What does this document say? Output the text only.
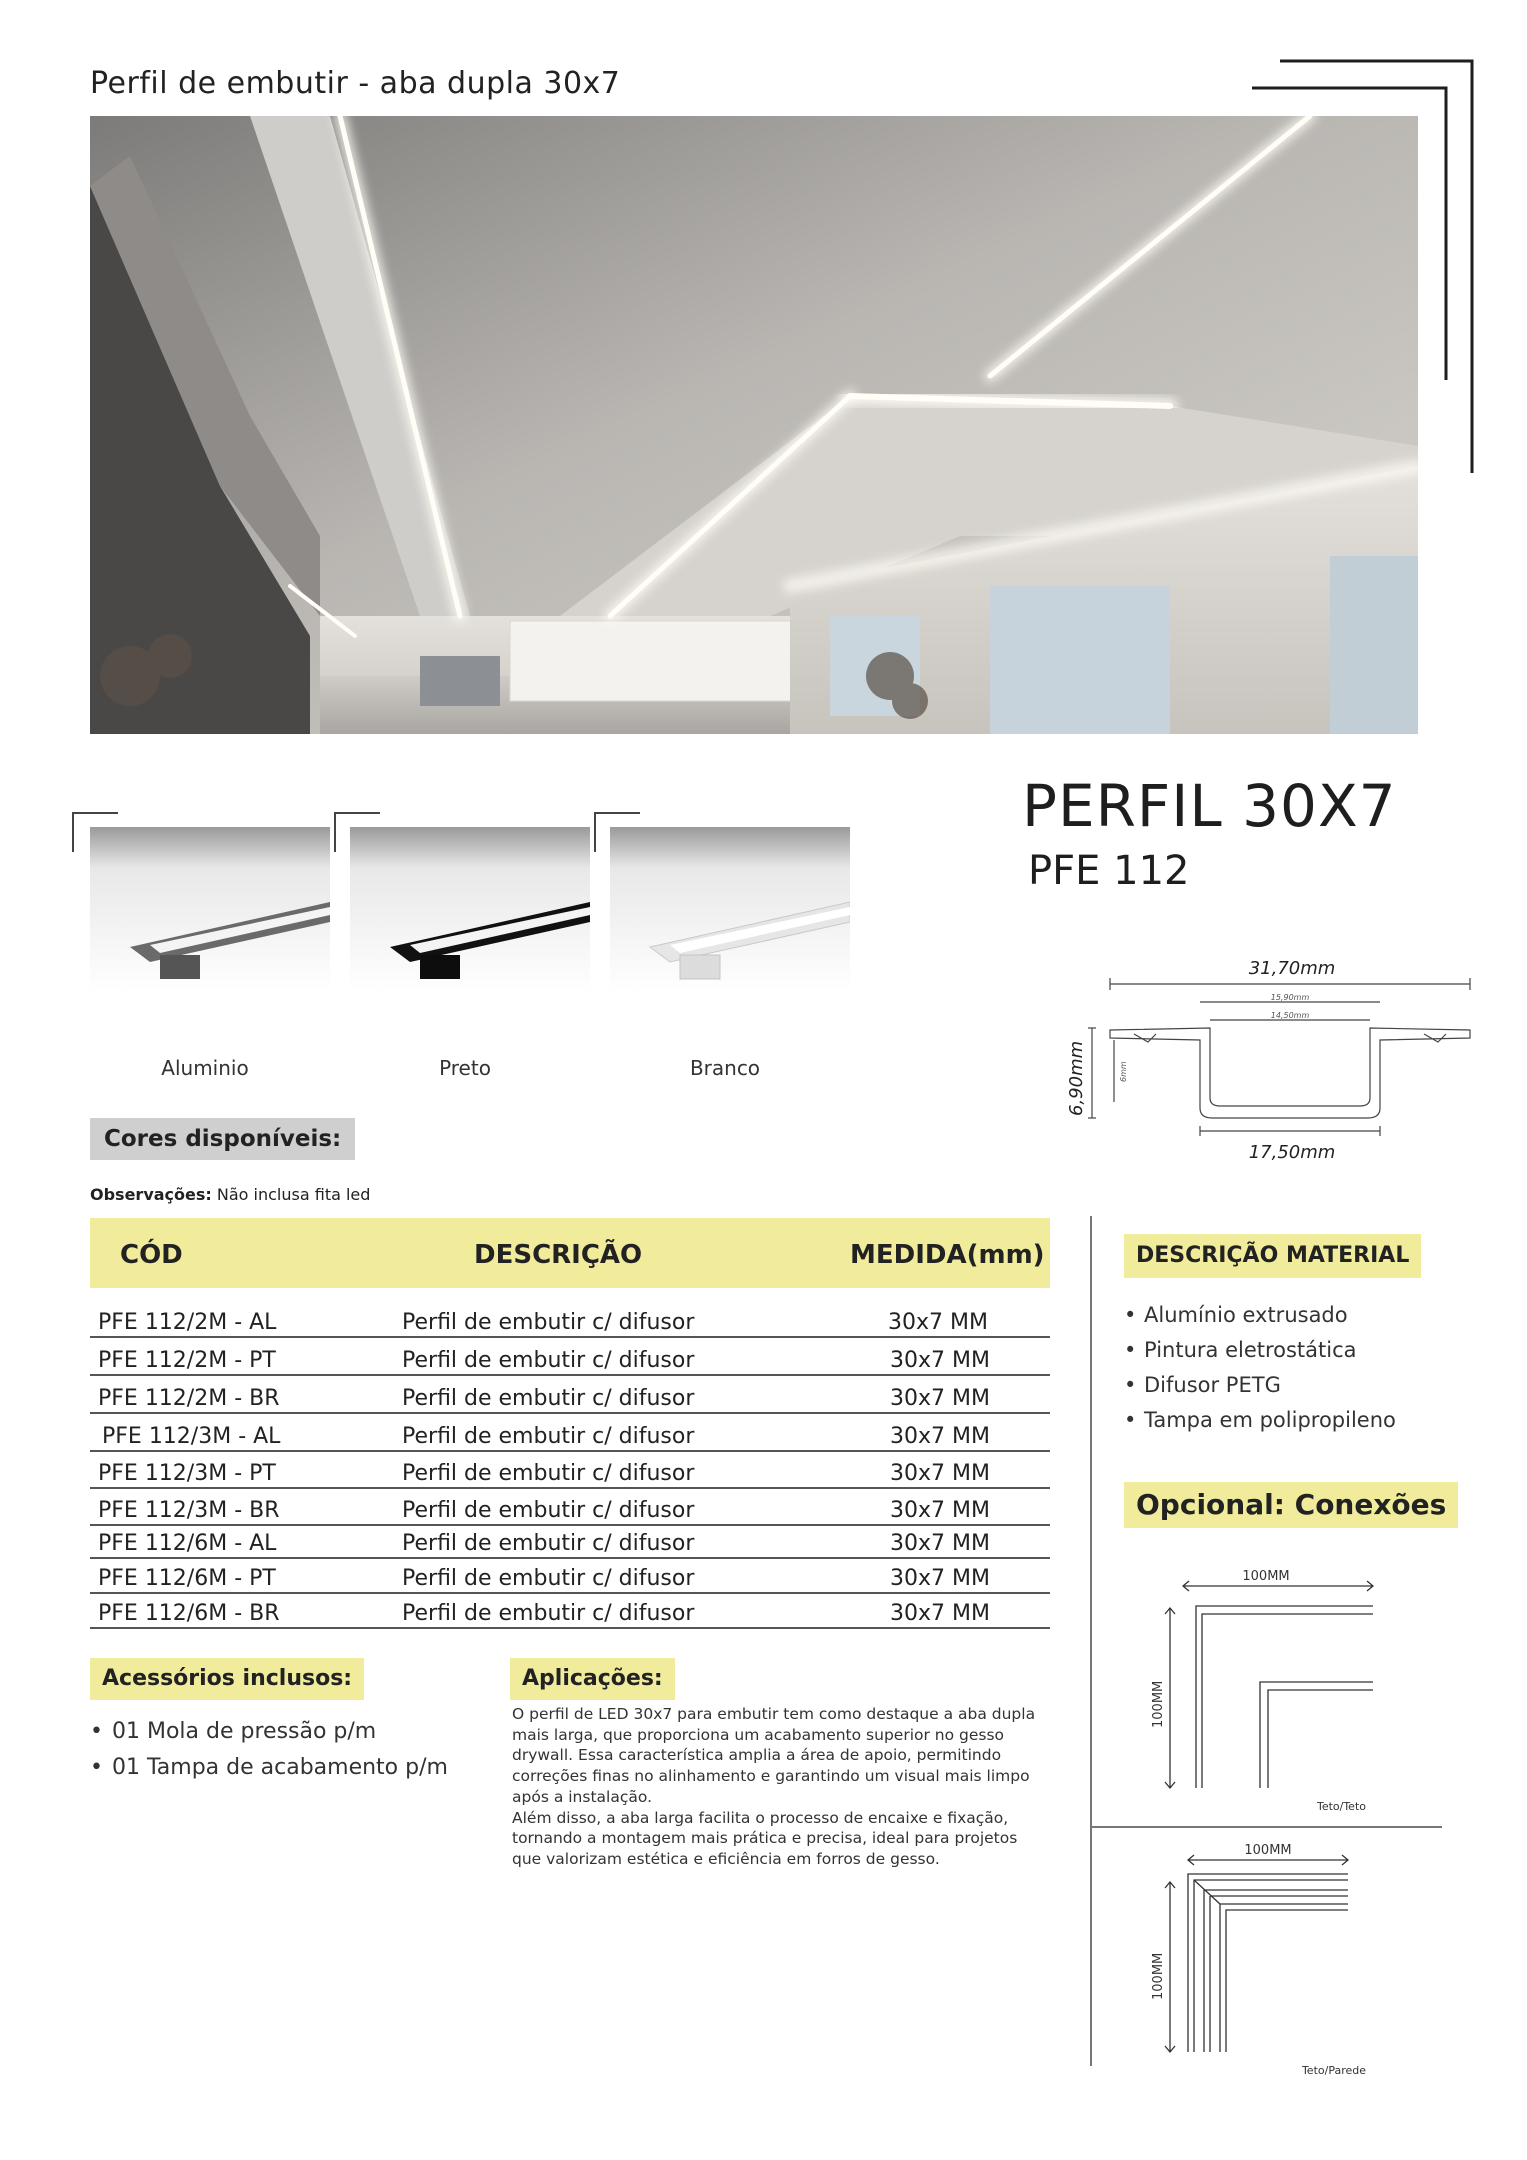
Perfil de embutir - aba dupla 30x7
Aluminio	Preto	Branco
Cores disponíveis:
PERFIL 30X7
PFE 112
31,70mm
15,90mm
14,50mm
6,90mm	6mm
17,50mm
Observações: Não inclusa fita led
CÓD	DESCRIÇÃO	MEDIDA(mm)
PFE 112/2M - AL	Perfil de embutir c/ difusor	30x7 MM
PFE 112/2M - PT	Perfil de embutir c/ difusor	30x7 MM
PFE 112/2M - BR	Perfil de embutir c/ difusor	30x7 MM
PFE 112/3M - AL	Perfil de embutir c/ difusor	30x7 MM
PFE 112/3M - PT	Perfil de embutir c/ difusor	30x7 MM
PFE 112/3M - BR	Perfil de embutir c/ difusor	30x7 MM
PFE 112/6M - AL	Perfil de embutir c/ difusor	30x7 MM
PFE 112/6M - PT	Perfil de embutir c/ difusor	30x7 MM
PFE 112/6M - BR	Perfil de embutir c/ difusor	30x7 MM
DESCRIÇÃO MATERIAL
• Alumínio extrusado
• Pintura eletrostática
• Difusor PETG
• Tampa em polipropileno
Opcional: Conexões
100MM
100MM
Teto/Teto
100MM
100MM
Teto/Parede
Acessórios inclusos:
• 01 Mola de pressão p/m
• 01 Tampa de acabamento p/m
Aplicações:

O perfil de LED 30x7 para embutir tem como destaque a aba dupla mais larga, que proporciona um acabamento superior no gesso drywall. Essa característica amplia a área de apoio, permitindo correções finas no alinhamento e garantindo um visual mais limpo após a instalação.

Além disso, a aba larga facilita o processo de encaixe e fixação, tornando a montagem mais prática e precisa, ideal para projetos que valorizam estética e eficiência em forros de gesso.
